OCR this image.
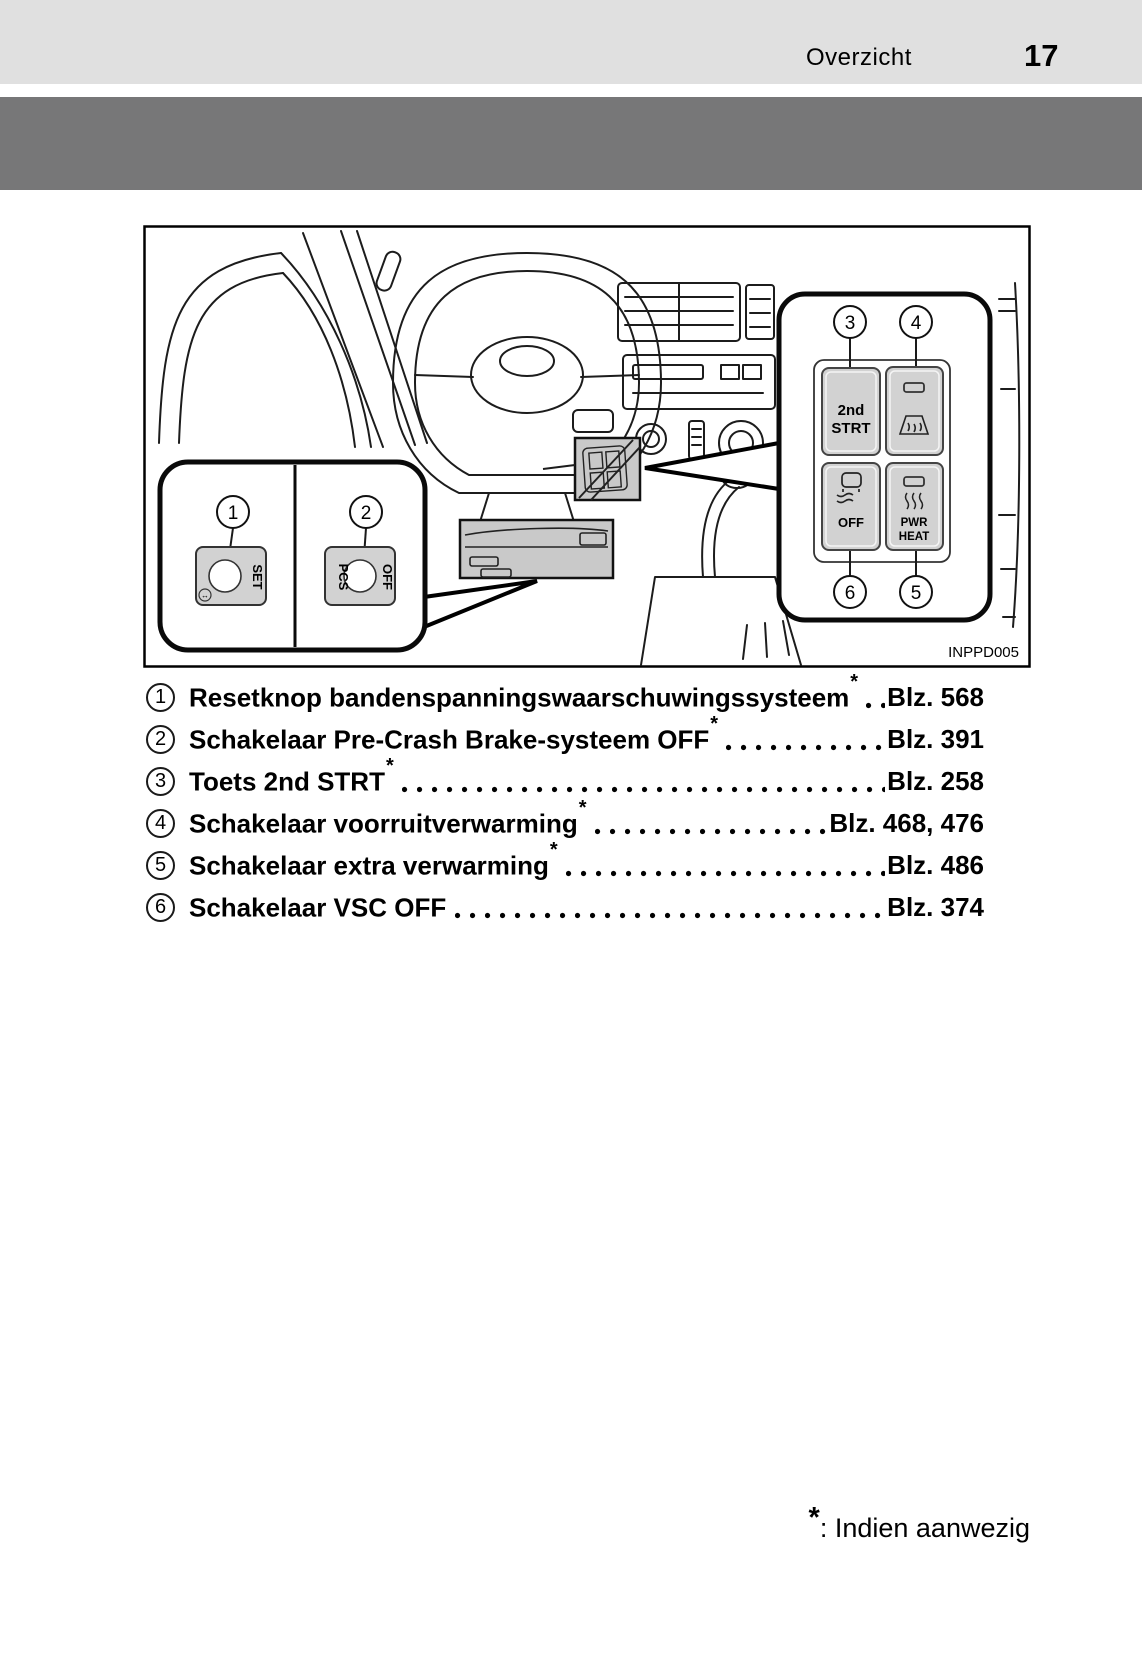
Overzicht	17
1
SET
↔
2
PCS OFF
3	4
2nd
STRT
6	5
OFF	PWR
HEAT
INPPD005
1 Resetknop bandenspanningswaarschuwingssysteem* Blz. 568
2 Schakelaar Pre-Crash Brake-systeem OFF*	Blz. 391
3 Toets 2nd STRT*	Blz. 258
4 Schakelaar voorruitverwarming*	Blz. 468, 476
5 Schakelaar extra verwarming*	Blz. 486
6 Schakelaar VSC OFF	Blz. 374
*: Indien aanwezig
